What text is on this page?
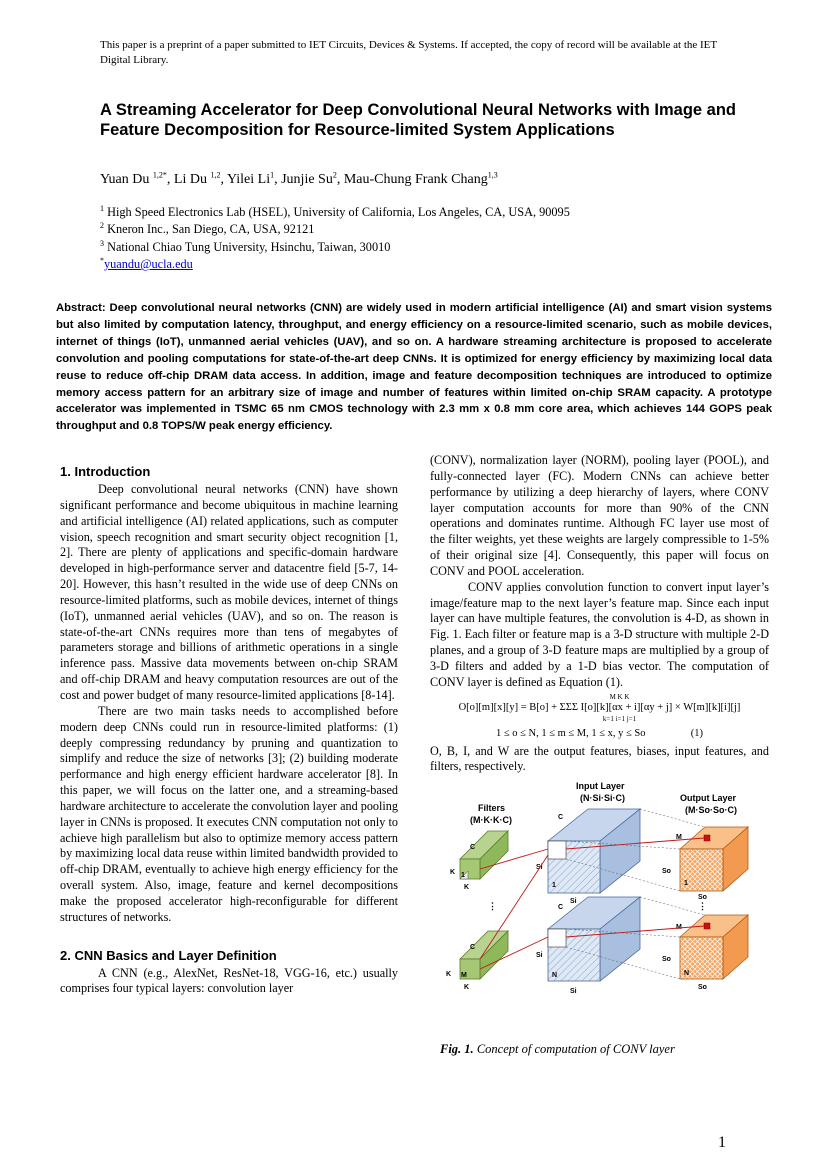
This paper is a preprint of a paper submitted to IET Circuits, Devices & Systems. If accepted, the copy of record will be available at the IET Digital Library.
A Streaming Accelerator for Deep Convolutional Neural Networks with Image and Feature Decomposition for Resource-limited System Applications
Yuan Du $^{1,2*}$, Li Du $^{1,2}$, Yilei Li$^1$, Junjie Su$^2$, Mau-Chung Frank Chang$^{1,3}$
$^1$ High Speed Electronics Lab (HSEL), University of California, Los Angeles, CA, USA, 90095
$^2$ Kneron Inc., San Diego, CA, USA, 92121
$^3$ National Chiao Tung University, Hsinchu, Taiwan, 30010
*yuandu@ucla.edu
Abstract: Deep convolutional neural networks (CNN) are widely used in modern artificial intelligence (AI) and smart vision systems but also limited by computation latency, throughput, and energy efficiency on a resource-limited scenario, such as mobile devices, internet of things (IoT), unmanned aerial vehicles (UAV), and so on. A hardware streaming architecture is proposed to accelerate convolution and pooling computations for state-of-the-art deep CNNs. It is optimized for energy efficiency by maximizing local data reuse to reduce off-chip DRAM data access. In addition, image and feature decomposition techniques are introduced to optimize memory access pattern for an arbitrary size of image and number of features within limited on-chip SRAM capacity. A prototype accelerator was implemented in TSMC 65 nm CMOS technology with 2.3 mm x 0.8 mm core area, which achieves 144 GOPS peak throughput and 0.8 TOPS/W peak energy efficiency.

1. Introduction

Deep convolutional neural networks (CNN) have shown significant performance and become ubiquitous in machine learning and artificial intelligence (AI) related applications, such as computer vision, speech recognition and smart security object recognition [1, 2]. There are plenty of applications and specific-domain hardware developed in high-performance server and datacentre field [5-7, 14-20]. However, this hasn’t resulted in the wide use of deep CNNs on resource-limited platforms, such as mobile devices, internet of things (IoT), unmanned aerial vehicles (UAV), and so on. The reason is state-of-the-art CNNs requires more than tens of megabytes of parameters storage and billions of arithmetic operations in a single inference pass. Massive data movements between on-chip SRAM and off-chip DRAM and heavy computation resources are out of the cost and power budget of many resource-limited applications [8-14].

There are two main tasks needs to accomplished before modern deep CNNs could run in resource-limited platforms: (1) deeply compressing redundancy by pruning and quantization to simplify and reduce the size of networks [3]; (2) building moderate performance and high energy efficient hardware accelerator [8]. In this paper, we will focus on the latter one, and a streaming-based hardware architecture to accelerate the convolution layer and pooling layer in CNNs is proposed. It executes CNN computation not only to achieve high parallelism but also to optimize memory access pattern by maximizing local data reuse within limited bandwidth provided to off-chip DRAM, eventually to achieve high energy efficiency for the overall system. Also, image, feature and kernel decompositions make the proposed accelerator high-reconfigurable for different structures of networks.

2. CNN Basics and Layer Definition

A CNN (e.g., AlexNet, ResNet-18, VGG-16, etc.) usually comprises four typical layers: convolution layer

(CONV), normalization layer (NORM), pooling layer (POOL), and fully-connected layer (FC). Modern CNNs can achieve better performance by utilizing a deep hierarchy of layers, where CONV layer computation accounts for more than 90% of the CNN operations and dominates runtime. Although FC layer use most of the filter weights, yet these weights are largely compressible to 1-5% of their original size [4]. Consequently, this paper will focus on CONV and POOL acceleration.

CONV applies convolution function to convert input layer’s image/feature map to the next layer’s feature map. Since each input layer can have multiple features, the convolution is 4-D, as shown in Fig. 1. Each filter or feature map is a 3-D structure with multiple 2-D planes, and a group of 3-D feature maps are multiplied by a group of 3-D filters and added by a 1-D bias vector. The computation of CONV layer is defined as Equation (1).

M K K
O[o][m][x][y] = B[o] + ΣΣΣ I[o][k][αx + i][αy + j] × W[m][k][i][j]
k=1 i=1 j=1
1 ≤ o ≤ N, 1 ≤ m ≤ M, 1 ≤ x, y ≤ So	(1)

O, B, I, and W are the output features, biases, input features, and filters, respectively.

Input Layer
(N·Si·Si·C)
Filters
(M·K·K·C)
Output Layer
(M·So·So·C)
C
K
K
1
⋮	⋮
C
K
K
M
C
Si
Si
1
C
Si
Si
N
M
So
So
1
M
So
So
N
Fig. 1. Concept of computation of CONV layer
1
